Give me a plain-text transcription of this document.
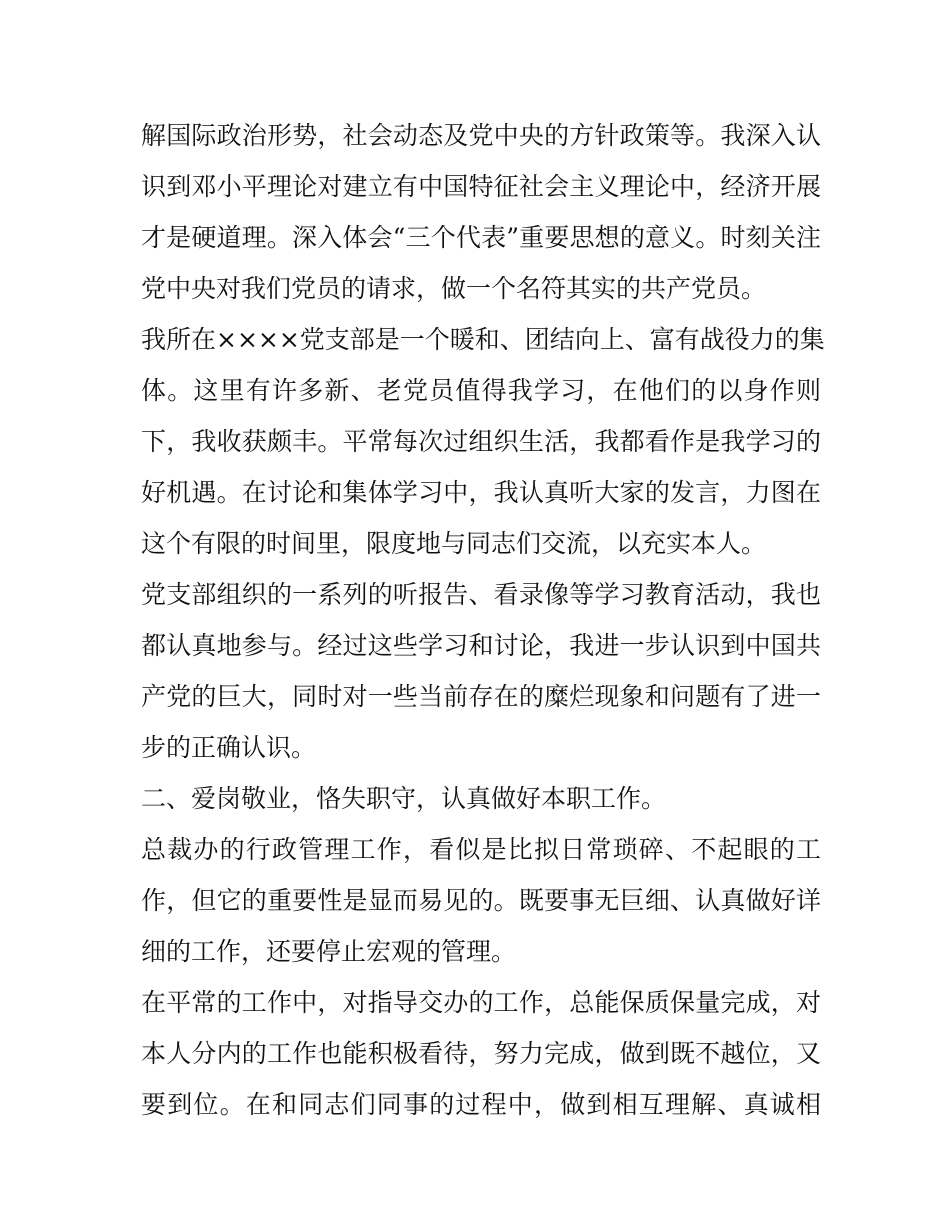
解国际政治形势，社会动态及党中央的方针政策等。我深入认
识到邓小平理论对建立有中国特征社会主义理论中，经济开展
才是硬道理。深入体会“三个代表”重要思想的意义。时刻关注
党中央对我们党员的请求，做一个名符其实的共产党员。
我所在××××党支部是一个暖和、团结向上、富有战役力的集
体。这里有许多新、老党员值得我学习，在他们的以身作则
下，我收获颇丰。平常每次过组织生活，我都看作是我学习的
好机遇。在讨论和集体学习中，我认真听大家的发言，力图在
这个有限的时间里，限度地与同志们交流，以充实本人。
党支部组织的一系列的听报告、看录像等学习教育活动，我也
都认真地参与。经过这些学习和讨论，我进一步认识到中国共
产党的巨大，同时对一些当前存在的糜烂现象和问题有了进一
步的正确认识。
二、爱岗敬业，恪失职守，认真做好本职工作。
总裁办的行政管理工作，看似是比拟日常琐碎、不起眼的工
作，但它的重要性是显而易见的。既要事无巨细、认真做好详
细的工作，还要停止宏观的管理。
在平常的工作中，对指导交办的工作，总能保质保量完成，对
本人分内的工作也能积极看待，努力完成，做到既不越位，又
要到位。在和同志们同事的过程中，做到相互理解、真诚相
